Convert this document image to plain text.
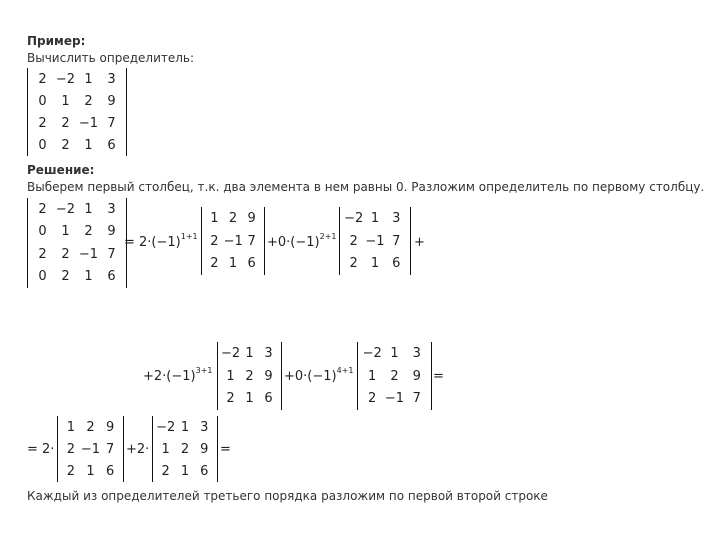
Пример:
Вычислить определитель:
2 −2 1	3
0	1	2	9
2	2 −1 7
0	2	1	6
Решение:
Выберем первый столбец, т.к. два элемента в нем равны 0. Разложим определитель по первому столбцу.
2 −2 1	3
0	1	2	9
2	2 −1 7
0	2	1	6
= $2\cdot(-1)^{1+1}$
1 2 9
2 −1 7
2 1 6
$+0\cdot(-1)^{2+1}$
−2 1	3
2 −1 7
2	1	6
+
$+2\cdot(-1)^{3+1}$
−2 1 3
1 2 9
2 1 6
$+0\cdot(-1)^{4+1}$
−2 1	3
1	2	9
2 −1 7
=
= 2·
1 2 9
2 −1 7
2 1 6
+2·
−2 1 3
1 2 9
2 1 6
=
Каждый из определителей третьего порядка разложим по первой второй строке
